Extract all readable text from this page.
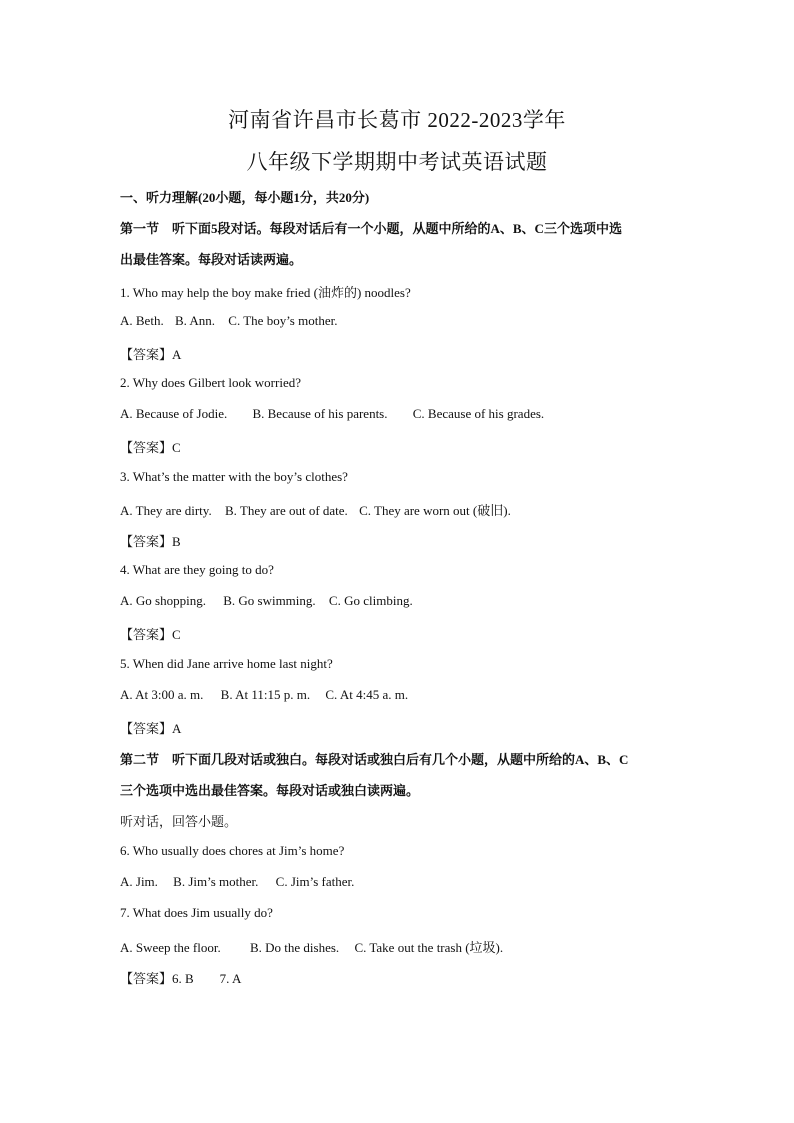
河南省许昌市长葛市 2022-2023学年
八年级下学期期中考试英语试题
一、听力理解(20小题，每小题1分，共20分)
第一节　听下面5段对话。每段对话后有一个小题，从题中所给的A、B、C三个选项中选
出最佳答案。每段对话读两遍。
1. Who may help the boy make fried (油炸的) noodles?
A. Beth. B. Ann. C. The boy’s mother.
【答案】A
2. Why does Gilbert look worried?
A. Because of Jodie. B. Because of his parents. C. Because of his grades.
【答案】C
3. What’s the matter with the boy’s clothes?
A. They are dirty. B. They are out of date. C. They are worn out (破旧).
【答案】B
4. What are they going to do?
A. Go shopping. B. Go swimming. C. Go climbing.
【答案】C
5. When did Jane arrive home last night?
A. At 3:00 a. m. B. At 11:15 p. m. C. At 4:45 a. m.
【答案】A
第二节　听下面几段对话或独白。每段对话或独白后有几个小题，从题中所给的A、B、C
三个选项中选出最佳答案。每段对话或独白读两遍。
听对话，回答小题。
6. Who usually does chores at Jim’s home?
A. Jim. B. Jim’s mother. C. Jim’s father.
7. What does Jim usually do?
A. Sweep the floor. B. Do the dishes. C. Take out the trash (垃圾).
【答案】6. B　　7. A
